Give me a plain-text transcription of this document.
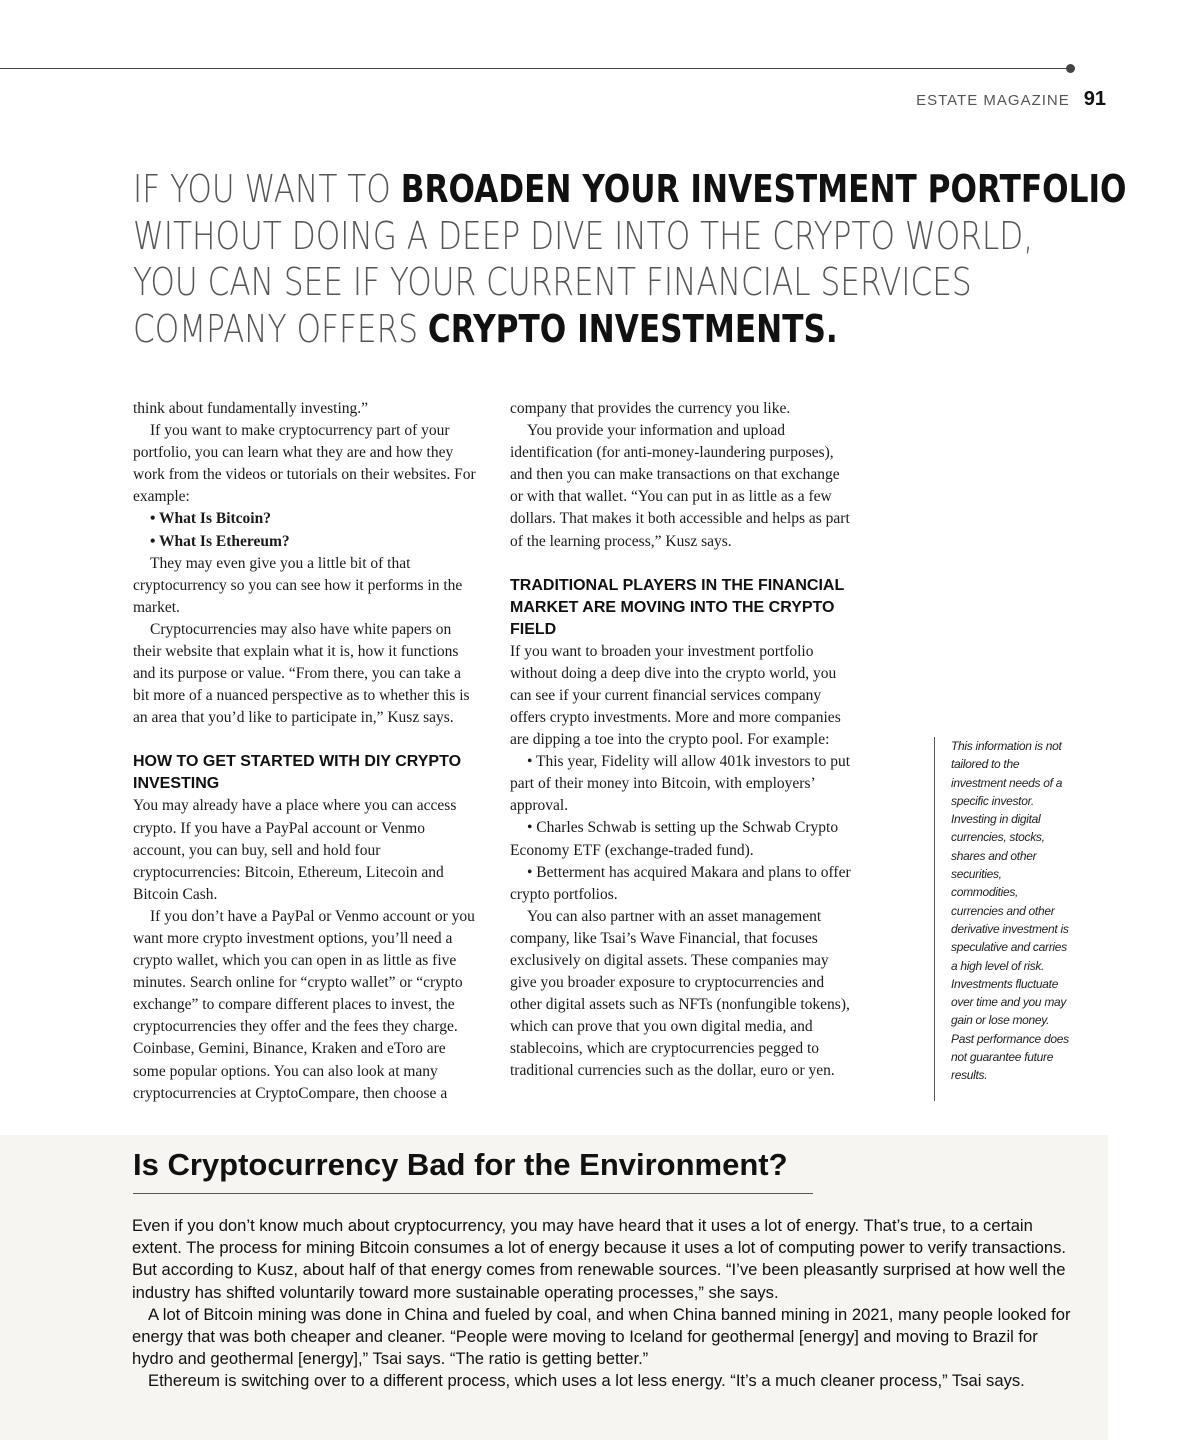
ESTATE MAGAZINE 91
IF YOU WANT TO BROADEN YOUR INVESTMENT PORTFOLIO
WITHOUT DOING A DEEP DIVE INTO THE CRYPTO WORLD,
YOU CAN SEE IF YOUR CURRENT FINANCIAL SERVICES
COMPANY OFFERS CRYPTO INVESTMENTS.

think about fundamentally investing.”

If you want to make cryptocurrency part of your portfolio, you can learn what they are and how they work from the videos or tutorials on their websites. For example:

• What Is Bitcoin?

• What Is Ethereum?

They may even give you a little bit of that cryptocurrency so you can see how it performs in the market.

Cryptocurrencies may also have white papers on their website that explain what it is, how it functions and its purpose or value. “From there, you can take a bit more of a nuanced perspective as to whether this is an area that you’d like to participate in,” Kusz says.

HOW TO GET STARTED WITH DIY CRYPTO INVESTING

You may already have a place where you can access crypto. If you have a PayPal account or Venmo account, you can buy, sell and hold four cryptocurrencies: Bitcoin, Ethereum, Litecoin and Bitcoin Cash.

If you don’t have a PayPal or Venmo account or you want more crypto investment options, you’ll need a crypto wallet, which you can open in as little as five minutes. Search online for “crypto wallet” or “crypto exchange” to compare different places to invest, the cryptocurrencies they offer and the fees they charge. Coinbase, Gemini, Binance, Kraken and eToro are some popular options. You can also look at many cryptocurrencies at CryptoCompare, then choose a

company that provides the currency you like.

You provide your information and upload identification (for anti-money-laundering purposes), and then you can make transactions on that exchange or with that wallet. “You can put in as little as a few dollars. That makes it both accessible and helps as part of the learning process,” Kusz says.

TRADITIONAL PLAYERS IN THE FINANCIAL MARKET ARE MOVING INTO THE CRYPTO FIELD

If you want to broaden your investment portfolio without doing a deep dive into the crypto world, you can see if your current financial services company offers crypto investments. More and more companies are dipping a toe into the crypto pool. For example:

• This year, Fidelity will allow 401k investors to put part of their money into Bitcoin, with employers’ approval.

• Charles Schwab is setting up the Schwab Crypto Economy ETF (exchange-traded fund).

• Betterment has acquired Makara and plans to offer crypto portfolios.

You can also partner with an asset management company, like Tsai’s Wave Financial, that focuses exclusively on digital assets. These companies may give you broader exposure to cryptocurrencies and other digital assets such as NFTs (nonfungible tokens), which can prove that you own digital media, and stablecoins, which are cryptocurrencies pegged to traditional currencies such as the dollar, euro or yen.

This information is not tailored to the investment needs of a specific investor. Investing in digital currencies, stocks, shares and other securities, commodities, currencies and other derivative investment is speculative and carries a high level of risk. Investments fluctuate over time and you may gain or lose money. Past performance does not guarantee future results.
Is Cryptocurrency Bad for the Environment?

Even if you don’t know much about cryptocurrency, you may have heard that it uses a lot of energy. That’s true, to a certain extent. The process for mining Bitcoin consumes a lot of energy because it uses a lot of computing power to verify transactions. But according to Kusz, about half of that energy comes from renewable sources. “I’ve been pleasantly surprised at how well the industry has shifted voluntarily toward more sustainable operating processes,” she says.

A lot of Bitcoin mining was done in China and fueled by coal, and when China banned mining in 2021, many people looked for energy that was both cheaper and cleaner. “People were moving to Iceland for geothermal [energy] and moving to Brazil for hydro and geothermal [energy],” Tsai says. “The ratio is getting better.”

Ethereum is switching over to a different process, which uses a lot less energy. “It’s a much cleaner process,” Tsai says.
